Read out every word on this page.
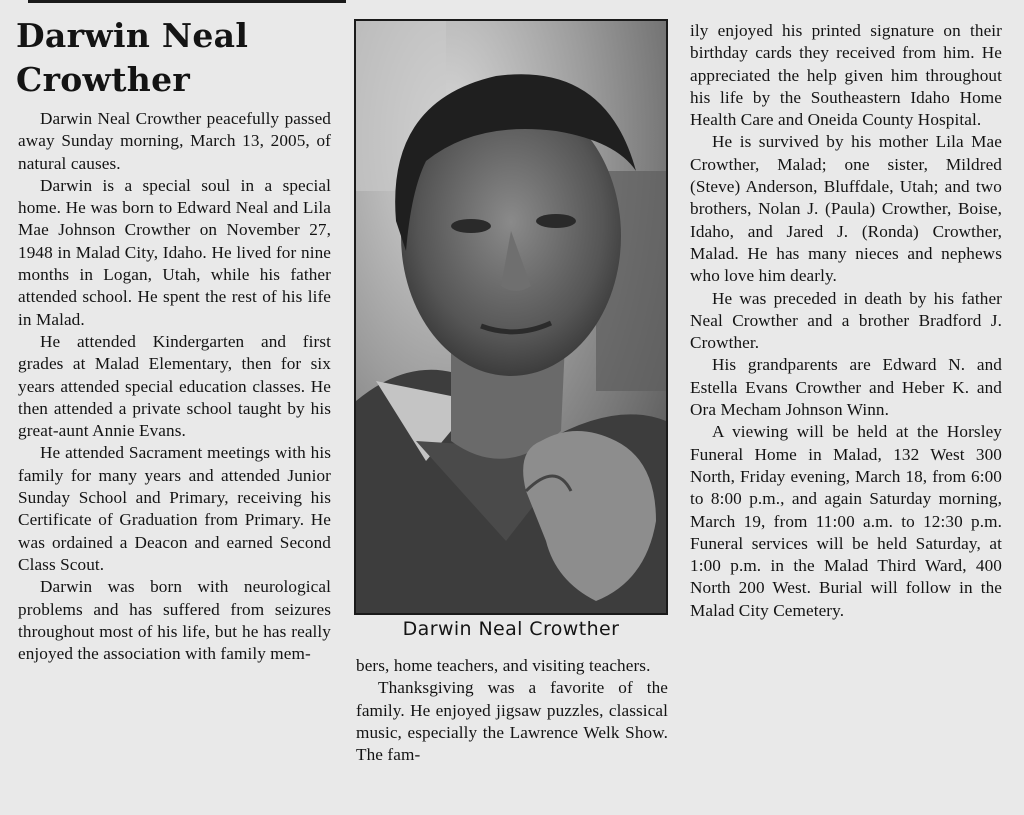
Darwin Neal Crowther

Darwin Neal Crowther peacefully passed away Sunday morning, March 13, 2005, of natural causes.

Darwin is a special soul in a special home. He was born to Edward Neal and Lila Mae Johnson Crowther on November 27, 1948 in Malad City, Idaho. He lived for nine months in Logan, Utah, while his father attended school. He spent the rest of his life in Malad.

He attended Kindergarten and first grades at Malad Elementary, then for six years attended special education classes. He then attended a private school taught by his great-aunt Annie Evans.

He attended Sacrament meetings with his family for many years and attended Junior Sunday School and Primary, receiving his Certificate of Graduation from Primary. He was ordained a Deacon and earned Second Class Scout.

Darwin was born with neurological problems and has suffered from seizures throughout most of his life, but he has really enjoyed the association with family mem-

Darwin Neal Crowther

bers, home teachers, and visiting teachers.

Thanksgiving was a favorite of the family. He enjoyed jigsaw puzzles, classical music, especially the Lawrence Welk Show. The fam-

ily enjoyed his printed signature on their birthday cards they received from him. He appreciated the help given him throughout his life by the Southeastern Idaho Home Health Care and Oneida County Hospital.

He is survived by his mother Lila Mae Crowther, Malad; one sister, Mildred (Steve) Anderson, Bluffdale, Utah; and two brothers, Nolan J. (Paula) Crowther, Boise, Idaho, and Jared J. (Ronda) Crowther, Malad. He has many nieces and nephews who love him dearly.

He was preceded in death by his father Neal Crowther and a brother Bradford J. Crowther.

His grandparents are Edward N. and Estella Evans Crowther and Heber K. and Ora Mecham Johnson Winn.

A viewing will be held at the Horsley Funeral Home in Malad, 132 West 300 North, Friday evening, March 18, from 6:00 to 8:00 p.m., and again Saturday morning, March 19, from 11:00 a.m. to 12:30 p.m. Funeral services will be held Saturday, at 1:00 p.m. in the Malad Third Ward, 400 North 200 West. Burial will follow in the Malad City Cemetery.
